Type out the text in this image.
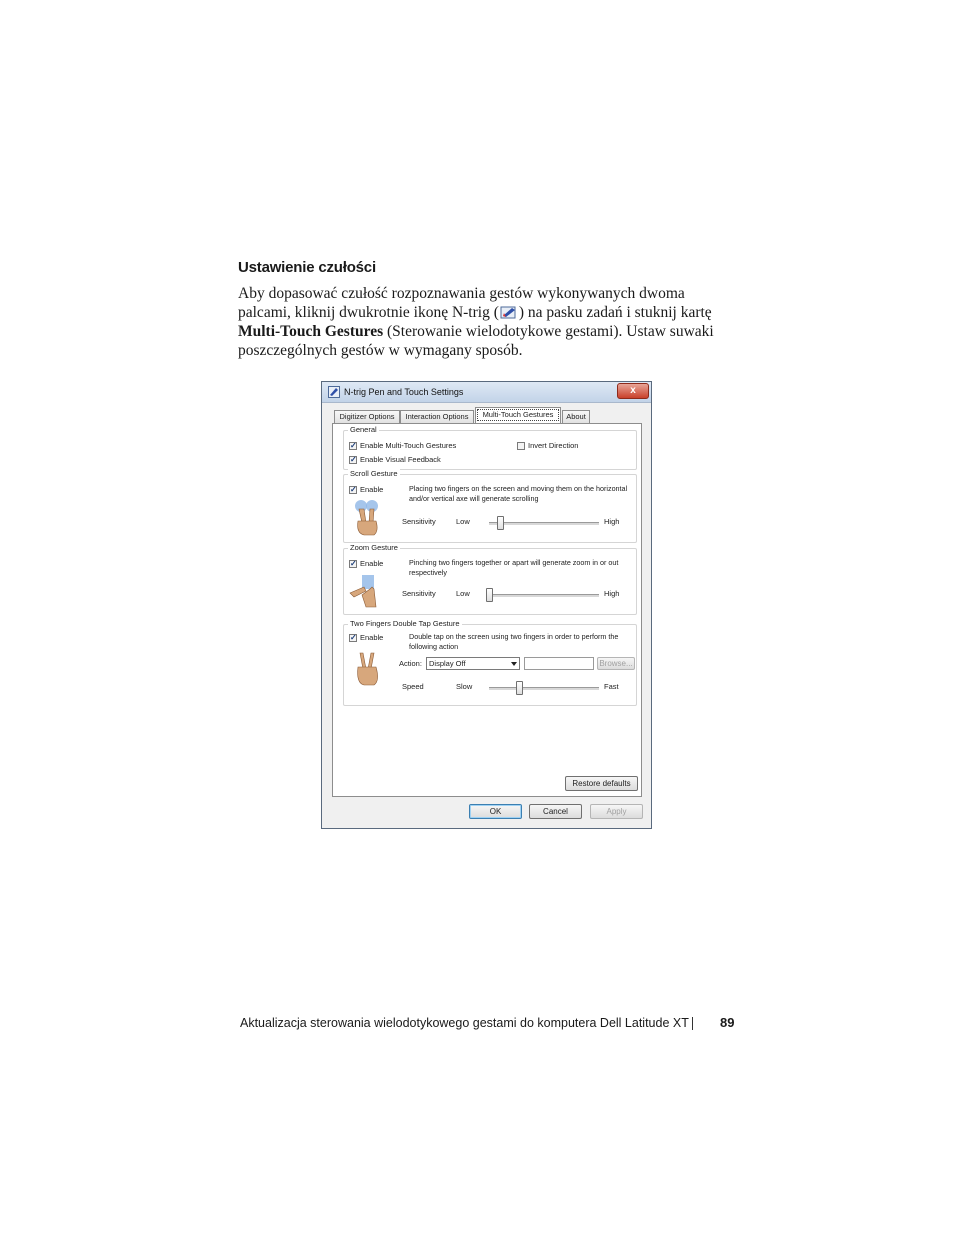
Ustawienie czułości

Aby dopasować czułość rozpoznawania gestów wykonywanych dwoma palcami, kliknij dwukrotnie ikonę N-trig ( ) na pasku zadań i stuknij kartę Multi-Touch Gestures (Sterowanie wielodotykowe gestami). Ustaw suwaki poszczególnych gestów w wymagany sposób.

N-trig Pen and Touch Settings	x
Digitizer Options	Interaction Options	Multi-Touch Gestures	About
General
✓ Enable Multi-Touch Gestures	Invert Direction
✓ Enable Visual Feedback
Scroll Gesture
✓ Enable	Placing two fingers on the screen and moving them on the horizontal and/or vertical axe will generate scrolling
Sensitivity	Low	High
Zoom Gesture
✓ Enable	Pinching two fingers together or apart will generate zoom in or out respectively
Sensitivity	Low	High
Two Fingers Double Tap Gesture
✓ Enable	Double tap on the screen using two fingers in order to perform the following action
Action: Display Off	Browse...
Speed	Slow	Fast
Restore defaults
OK	Cancel	Apply
Aktualizacja sterowania wielodotykowego gestami do komputera Dell Latitude XT 89
